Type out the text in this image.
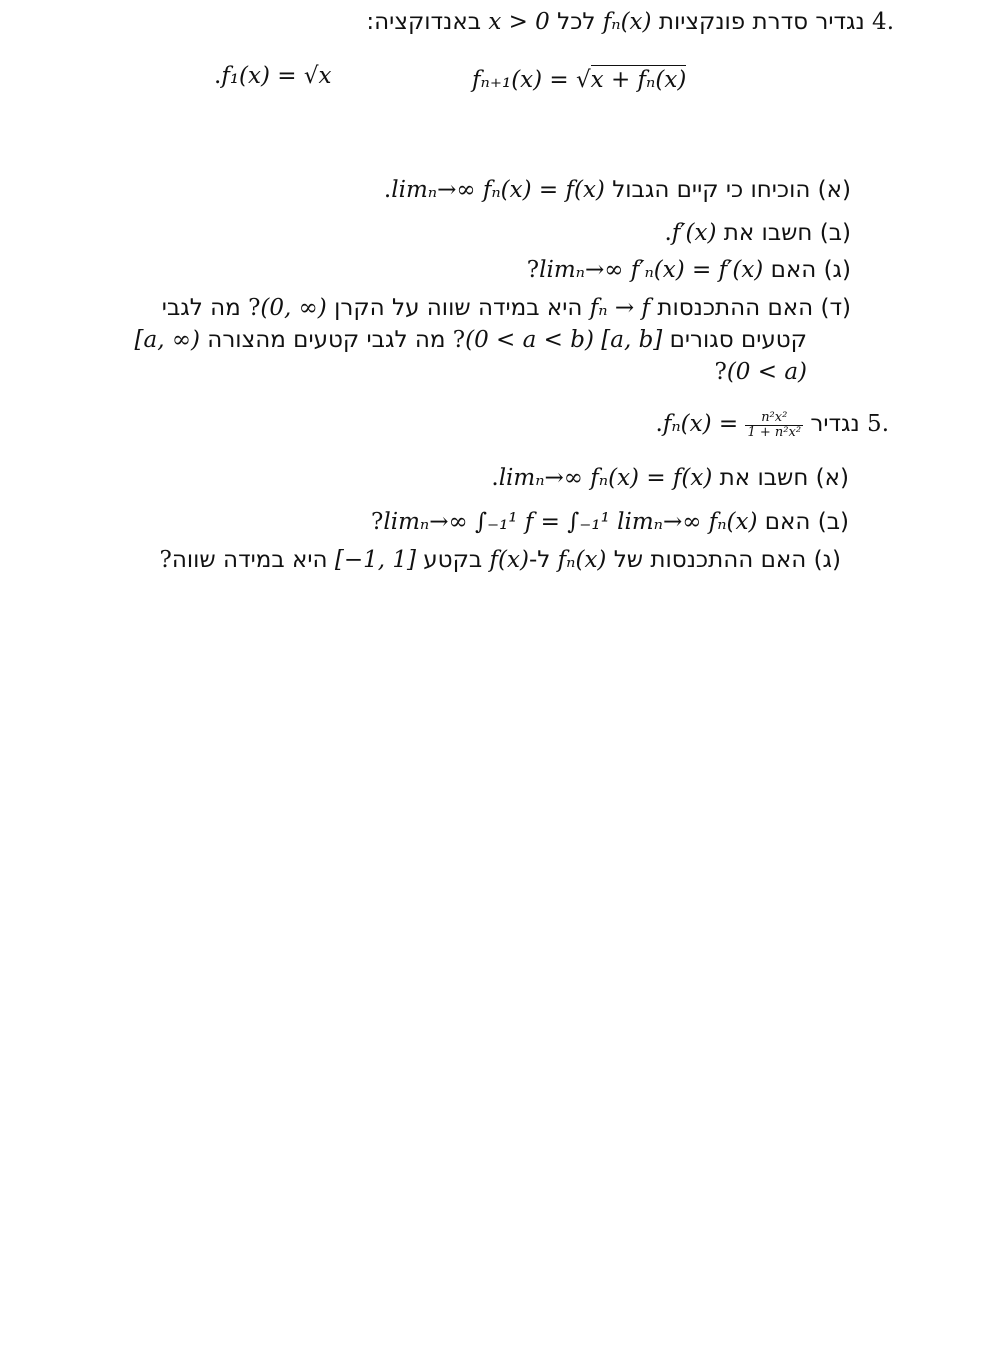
.4 נגדיר סדרת פונקציות fₙ(x) לכל x > 0 באנדוקציה:
.f₁(x) = √x	fₙ₊₁(x) = √x + fₙ(x)
(א) הוכיחו כי קיים הגבול limₙ→∞ fₙ(x) = f(x).
(ב) חשבו את f′(x).
(ג) האם limₙ→∞ f′ₙ(x) = f′(x) ?
(ד) האם ההתכנסות f → fₙ היא במידה שווה על הקרן (0, ∞)? מה לגבי
קטעים סגורים [a, b] (0 < a < b)? מה לגבי קטעים מהצורה [a, ∞)
(0 < a)?
.5 נגדיר $.f_n(x) = \frac{\text{n²x²}}{\text{1 + n²x²}}$
(א) חשבו את limₙ→∞ fₙ(x) = f(x).
(ב) האם limₙ→∞ ∫₋₁¹ f = ∫₋₁¹ limₙ→∞ fₙ(x) ?
(ג) האם ההתכנסות של fₙ(x) ל-f(x) בקטע [−1, 1] היא במידה שווה ?
